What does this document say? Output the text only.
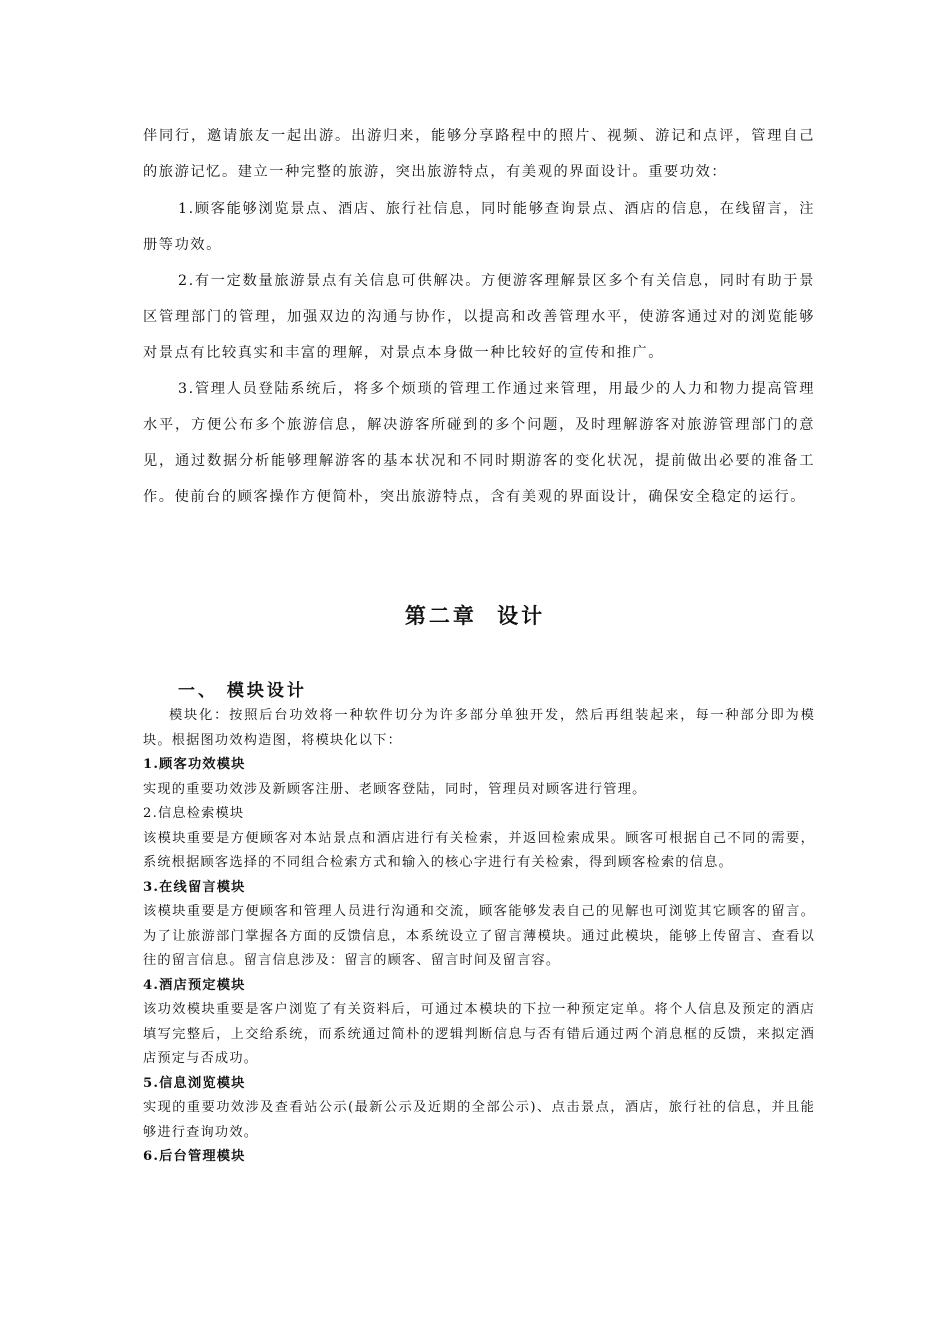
伴同行，邀请旅友一起出游。出游归来，能够分享路程中的照片、视频、游记和点评，管理自己的旅游记忆。建立一种完整的旅游，突出旅游特点，有美观的界面设计。重要功效：

1.顾客能够浏览景点、酒店、旅行社信息，同时能够查询景点、酒店的信息，在线留言，注册等功效。

2.有一定数量旅游景点有关信息可供解决。方便游客理解景区多个有关信息，同时有助于景区管理部门的管理，加强双边的沟通与协作，以提高和改善管理水平，使游客通过对的浏览能够对景点有比较真实和丰富的理解，对景点本身做一种比较好的宣传和推广。

3.管理人员登陆系统后，将多个烦琐的管理工作通过来管理，用最少的人力和物力提高管理水平，方便公布多个旅游信息，解决游客所碰到的多个问题，及时理解游客对旅游管理部门的意见，通过数据分析能够理解游客的基本状况和不同时期游客的变化状况，提前做出必要的准备工作。使前台的顾客操作方便简朴，突出旅游特点，含有美观的界面设计，确保安全稳定的运行。

第二章 设计
一、 模块设计

模块化：按照后台功效将一种软件切分为许多部分单独开发，然后再组装起来，每一种部分即为模块。根据图功效构造图，将模块化以下：

1.顾客功效模块

实现的重要功效涉及新顾客注册、老顾客登陆，同时，管理员对顾客进行管理。

2.信息检索模块

该模块重要是方便顾客对本站景点和酒店进行有关检索，并返回检索成果。顾客可根据自己不同的需要，系统根据顾客选择的不同组合检索方式和输入的核心字进行有关检索，得到顾客检索的信息。

3.在线留言模块

该模块重要是方便顾客和管理人员进行沟通和交流，顾客能够发表自己的见解也可浏览其它顾客的留言。为了让旅游部门掌握各方面的反馈信息，本系统设立了留言薄模块。通过此模块，能够上传留言、查看以往的留言信息。留言信息涉及：留言的顾客、留言时间及留言容。

4.酒店预定模块

该功效模块重要是客户浏览了有关资料后，可通过本模块的下拉一种预定定单。将个人信息及预定的酒店填写完整后，上交给系统，而系统通过简朴的逻辑判断信息与否有错后通过两个消息框的反馈，来拟定酒店预定与否成功。

5.信息浏览模块

实现的重要功效涉及查看站公示(最新公示及近期的全部公示)、点击景点，酒店，旅行社的信息，并且能够进行查询功效。

6.后台管理模块
